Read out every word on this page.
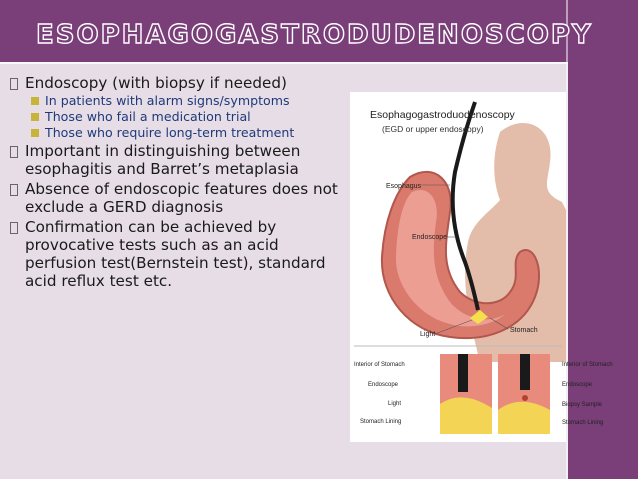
ESOPHAGOGASTRODUDENOSCOPY
Endoscopy (with biopsy if needed)
In patients with alarm signs/symptoms
Those who fail a medication trial
Those who require long-term treatment
Important in distinguishing between esophagitis and Barret’s metaplasia
Absence of endoscopic features does not exclude a GERD diagnosis
Confirmation can be achieved by provocative tests such as an acid perfusion test(Bernstein test), standard acid reflux test etc.
Esophagogastroduodenoscopy
(EGD or upper endoscopy)
Esophagus
Endoscope
Light
Stomach
Interior of Stomach
Endoscope
Light
Stomach Lining
Interior of Stomach
Endoscope
Biopsy Sample
Stomach Lining
